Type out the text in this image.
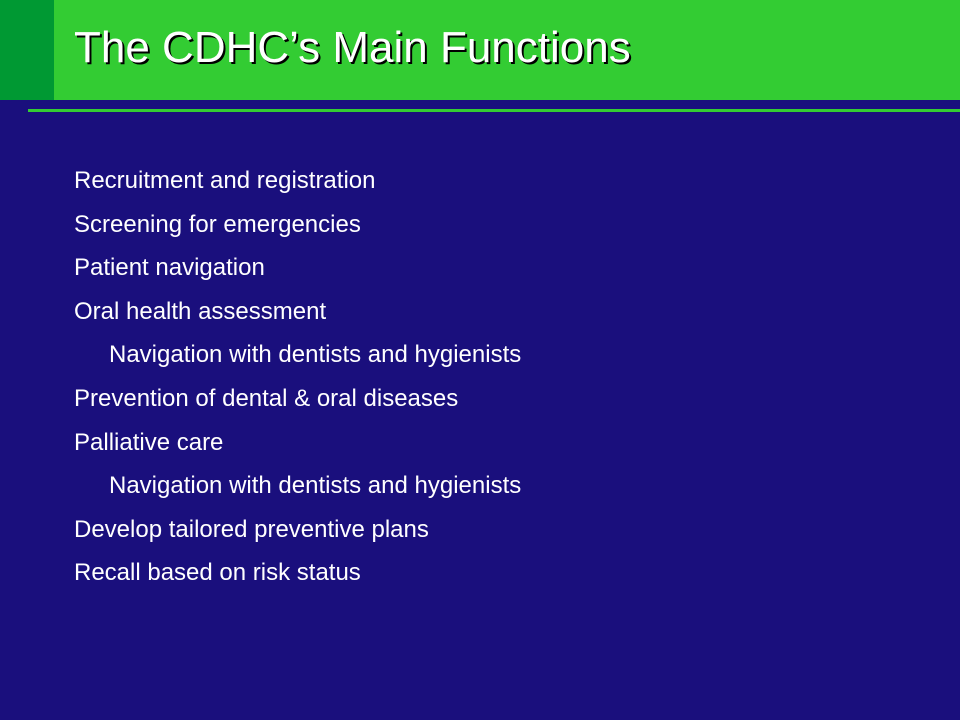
The CDHC’s Main Functions
Recruitment and registration
Screening for emergencies
Patient navigation
Oral health assessment
Navigation with dentists and hygienists
Prevention of dental & oral diseases
Palliative care
Navigation with dentists and hygienists
Develop tailored preventive plans
Recall based on risk status
